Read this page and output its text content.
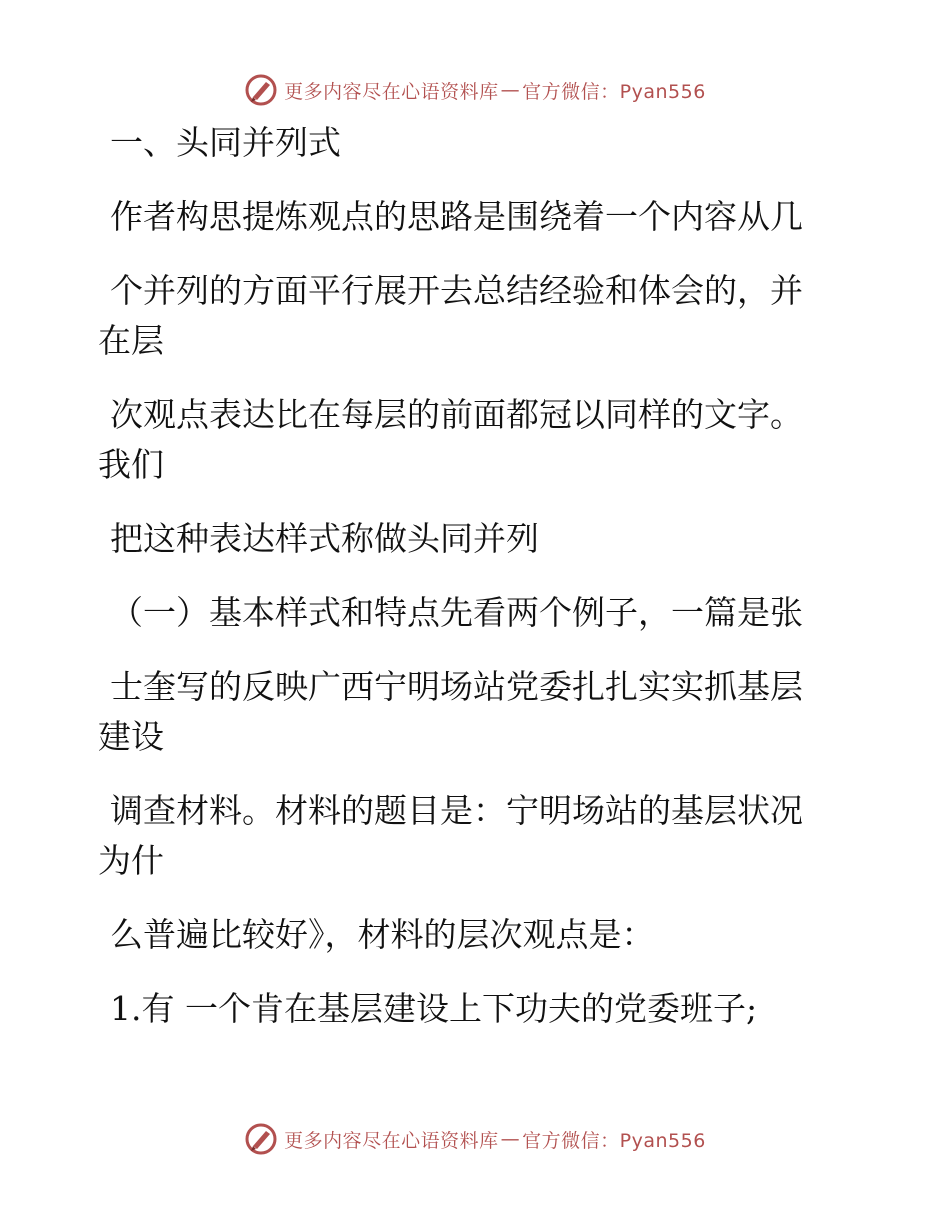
更多内容尽在心语资料库 — 官方微信：Pyan556
一、头同并列式
作者构思提炼观点的思路是围绕着一个内容从几
个并列的方面平行展开去总结经验和体会的，并
在层
次观点表达比在每层的前面都冠以同样的文字。
我们
把这种表达样式称做头同并列
（一）基本样式和特点先看两个例子，一篇是张
士奎写的反映广西宁明场站党委扎扎实实抓基层
建设
调查材料。材料的题目是：宁明场站的基层状况
为什
么普遍比较好》，材料的层次观点是：
1.有 一个肯在基层建设上下功夫的党委班子;
更多内容尽在心语资料库 — 官方微信：Pyan556
